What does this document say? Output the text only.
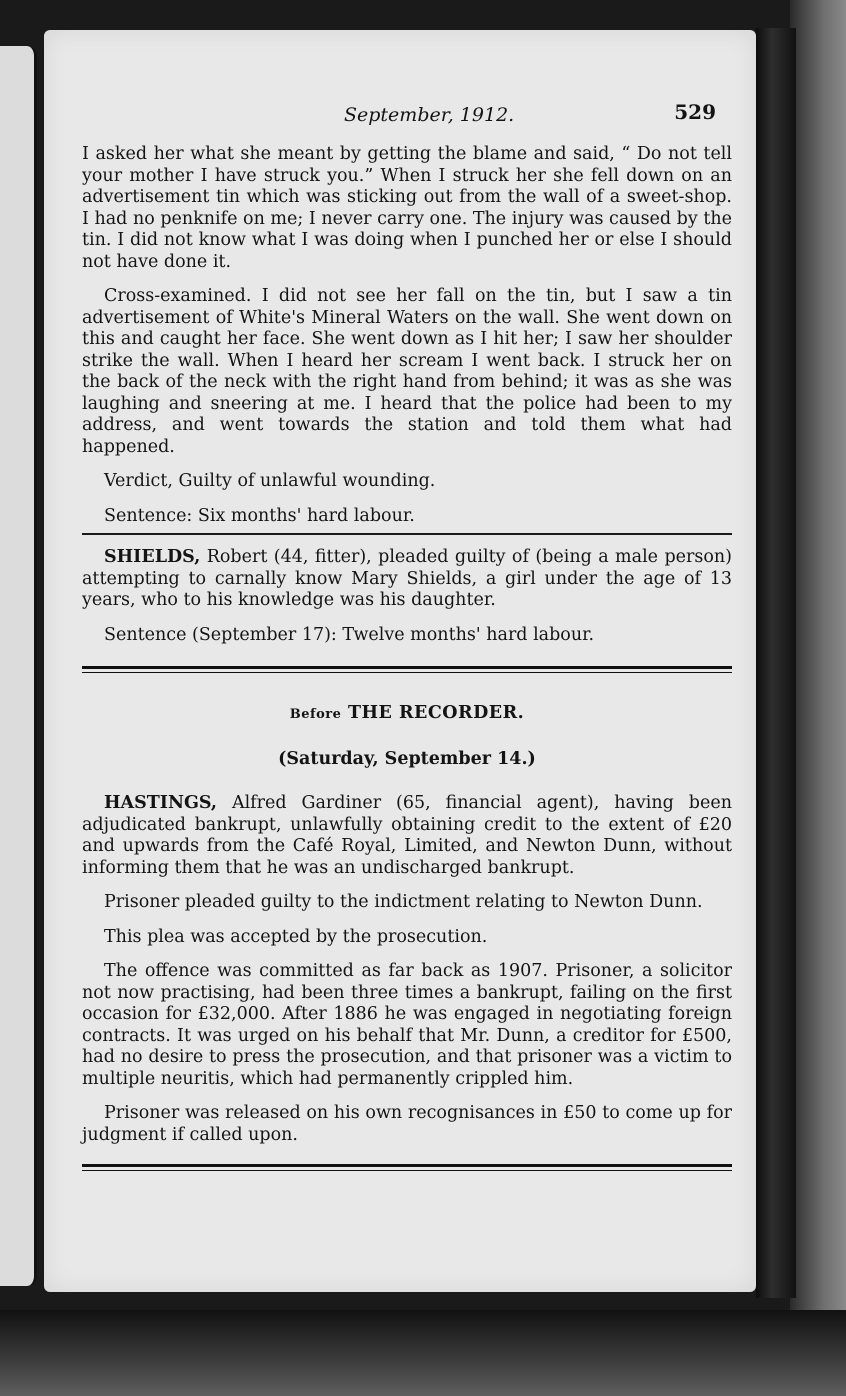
September, 1912.	529

I asked her what she meant by getting the blame and said, “ Do not tell your mother I have struck you.” When I struck her she fell down on an advertisement tin which was sticking out from the wall of a sweet-shop. I had no penknife on me; I never carry one. The injury was caused by the tin. I did not know what I was doing when I punched her or else I should not have done it.

Cross-examined. I did not see her fall on the tin, but I saw a tin advertisement of White's Mineral Waters on the wall. She went down on this and caught her face. She went down as I hit her; I saw her shoulder strike the wall. When I heard her scream I went back. I struck her on the back of the neck with the right hand from behind; it was as she was laughing and sneering at me. I heard that the police had been to my address, and went towards the station and told them what had happened.

Verdict, Guilty of unlawful wounding.

Sentence: Six months' hard labour.

SHIELDS, Robert (44, fitter), pleaded guilty of (being a male person) attempting to carnally know Mary Shields, a girl under the age of 13 years, who to his knowledge was his daughter.

Sentence (September 17): Twelve months' hard labour.

Before THE RECORDER.
(Saturday, September 14.)

HASTINGS, Alfred Gardiner (65, financial agent), having been adjudicated bankrupt, unlawfully obtaining credit to the extent of £20 and upwards from the Café Royal, Limited, and Newton Dunn, without informing them that he was an undischarged bankrupt.

Prisoner pleaded guilty to the indictment relating to Newton Dunn.

This plea was accepted by the prosecution.

The offence was committed as far back as 1907. Prisoner, a solicitor not now practising, had been three times a bankrupt, failing on the first occasion for £32,000. After 1886 he was engaged in negotiating foreign contracts. It was urged on his behalf that Mr. Dunn, a creditor for £500, had no desire to press the prosecution, and that prisoner was a victim to multiple neuritis, which had permanently crippled him.

Prisoner was released on his own recognisances in £50 to come up for judgment if called upon.
